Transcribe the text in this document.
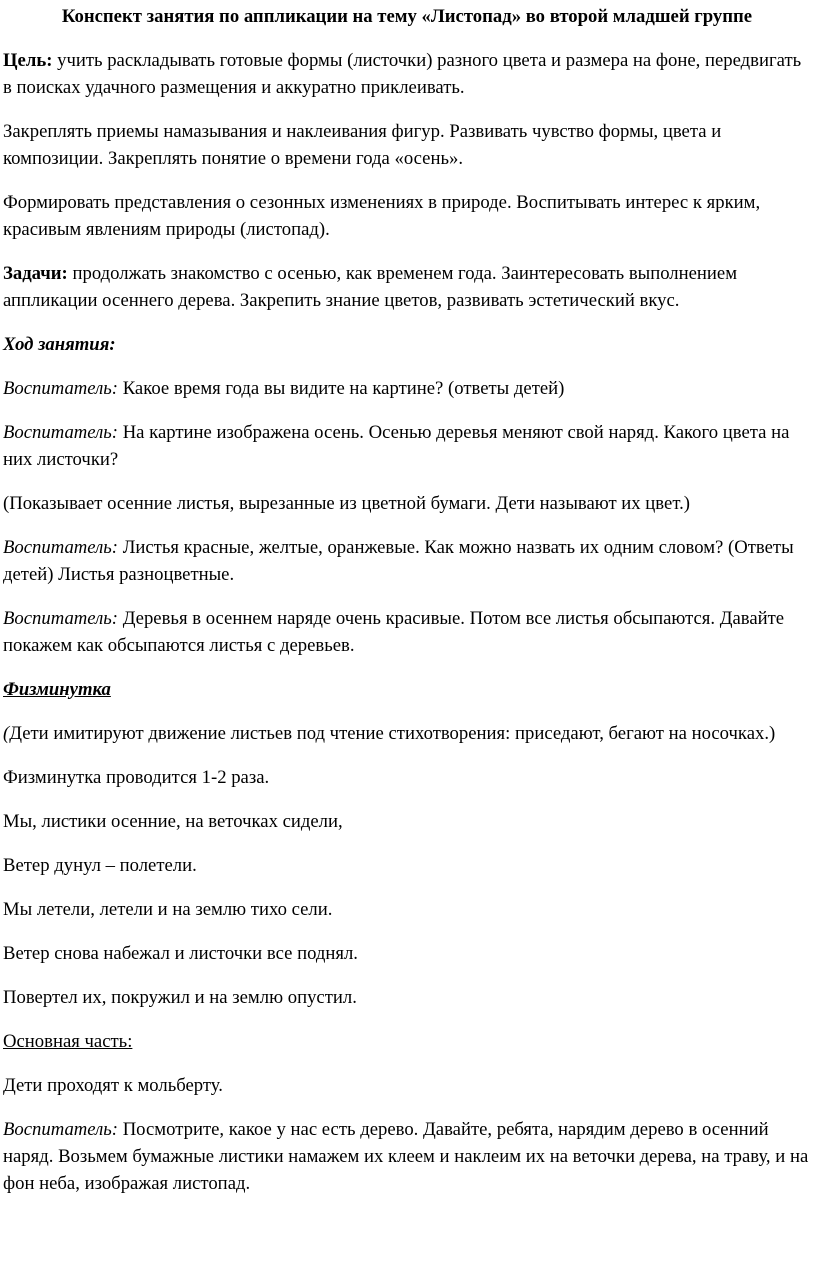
Конспект занятия по аппликации на тему «Листопад» во второй младшей группе

Цель: учить раскладывать готовые формы (листочки) разного цвета и размера на фоне, передвигать в поисках удачного размещения и аккуратно приклеивать.

Закреплять приемы намазывания и наклеивания фигур. Развивать чувство формы, цвета и композиции. Закреплять понятие о времени года «осень».

Формировать представления о сезонных изменениях в природе. Воспитывать интерес к ярким, красивым явлениям природы (листопад).

Задачи: продолжать знакомство с осенью, как временем года. Заинтересовать выполнением аппликации осеннего дерева. Закрепить знание цветов, развивать эстетический вкус.

Ход занятия:

Воспитатель: Какое время года вы видите на картине? (ответы детей)

Воспитатель: На картине изображена осень. Осенью деревья меняют свой наряд. Какого цвета на них листочки?

(Показывает осенние листья, вырезанные из цветной бумаги. Дети называют их цвет.)

Воспитатель: Листья красные, желтые, оранжевые. Как можно назвать их одним словом? (Ответы детей) Листья разноцветные.

Воспитатель: Деревья в осеннем наряде очень красивые. Потом все листья обсыпаются. Давайте покажем как обсыпаются листья с деревьев.

Физминутка

(Дети имитируют движение листьев под чтение стихотворения: приседают, бегают на носочках.)

Физминутка проводится 1-2 раза.

Мы, листики осенние, на веточках сидели,

Ветер дунул – полетели.

Мы летели, летели и на землю тихо сели.

Ветер снова набежал и листочки все поднял.

Повертел их, покружил и на землю опустил.

Основная часть:

Дети проходят к мольберту.

Воспитатель: Посмотрите, какое у нас есть дерево. Давайте, ребята, нарядим дерево в осенний наряд. Возьмем бумажные листики намажем их клеем и наклеим их на веточки дерева, на траву, и на фон неба, изображая листопад.
